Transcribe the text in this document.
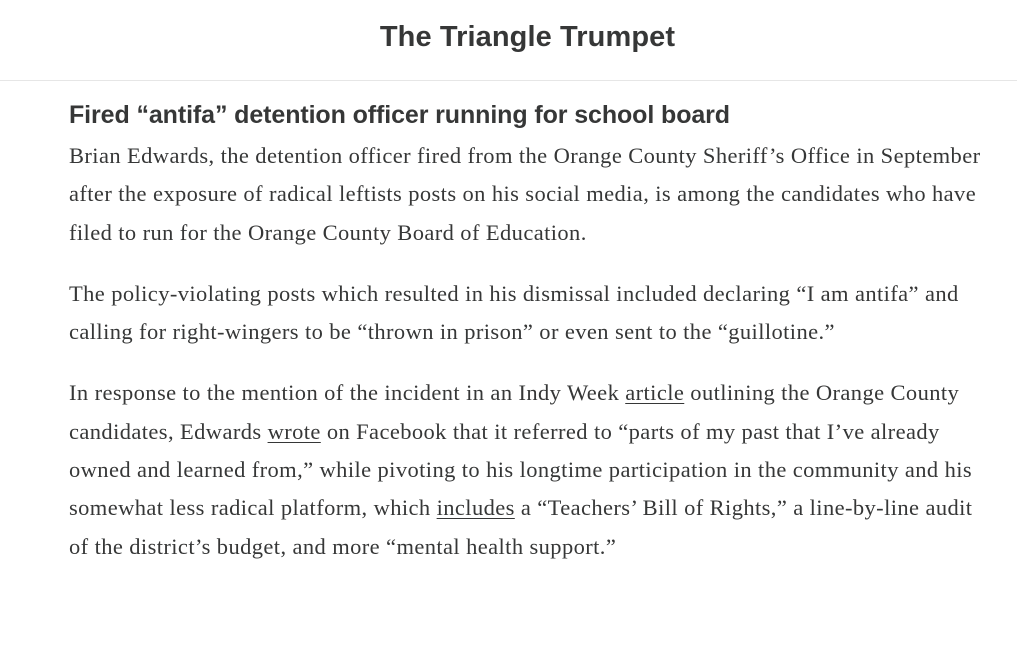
The Triangle Trumpet
Fired “antifa” detention officer running for school board

Brian Edwards, the detention officer fired from the Orange County Sheriff’s Office in September after the exposure of radical leftists posts on his social media, is among the candidates who have filed to run for the Orange County Board of Education.

The policy-violating posts which resulted in his dismissal included declaring “I am antifa” and calling for right-wingers to be “thrown in prison” or even sent to the “guillotine.”

In response to the mention of the incident in an Indy Week article outlining the Orange County candidates, Edwards wrote on Facebook that it referred to “parts of my past that I’ve already owned and learned from,” while pivoting to his longtime participation in the community and his somewhat less radical platform, which includes a “Teachers’ Bill of Rights,” a line-by-line audit of the district’s budget, and more “mental health support.”
